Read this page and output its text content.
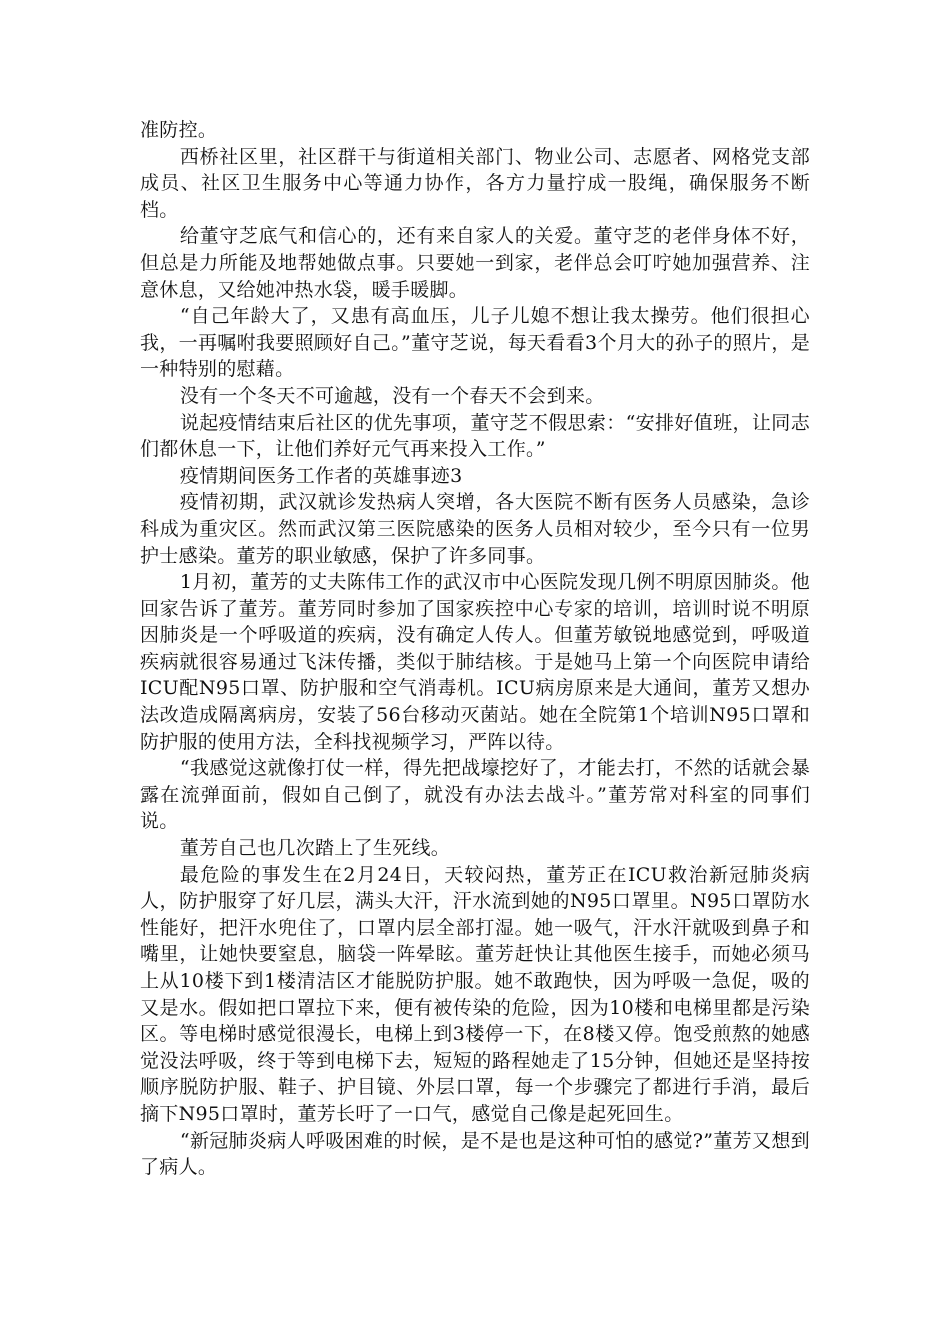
准防控。

西桥社区里，社区群干与街道相关部门、物业公司、志愿者、网格党支部成员、社区卫生服务中心等通力协作，各方力量拧成一股绳，确保服务不断档。

给董守芝底气和信心的，还有来自家人的关爱。董守芝的老伴身体不好，但总是力所能及地帮她做点事。只要她一到家，老伴总会叮咛她加强营养、注意休息，又给她冲热水袋，暖手暖脚。

“自己年龄大了，又患有高血压，儿子儿媳不想让我太操劳。他们很担心我，一再嘱咐我要照顾好自己。”董守芝说，每天看看3个月大的孙子的照片，是一种特别的慰藉。

没有一个冬天不可逾越，没有一个春天不会到来。

说起疫情结束后社区的优先事项，董守芝不假思索：“安排好值班，让同志们都休息一下，让他们养好元气再来投入工作。”

疫情期间医务工作者的英雄事迹3

疫情初期，武汉就诊发热病人突增，各大医院不断有医务人员感染，急诊科成为重灾区。然而武汉第三医院感染的医务人员相对较少，至今只有一位男护士感染。董芳的职业敏感，保护了许多同事。

1月初，董芳的丈夫陈伟工作的武汉市中心医院发现几例不明原因肺炎。他回家告诉了董芳。董芳同时参加了国家疾控中心专家的培训，培训时说不明原因肺炎是一个呼吸道的疾病，没有确定人传人。但董芳敏锐地感觉到，呼吸道疾病就很容易通过飞沫传播，类似于肺结核。于是她马上第一个向医院申请给ICU配N95口罩、防护服和空气消毒机。ICU病房原来是大通间，董芳又想办法改造成隔离病房，安装了56台移动灭菌站。她在全院第1个培训N95口罩和防护服的使用方法，全科找视频学习，严阵以待。

“我感觉这就像打仗一样，得先把战壕挖好了，才能去打，不然的话就会暴露在流弹面前，假如自己倒了，就没有办法去战斗。”董芳常对科室的同事们说。

董芳自己也几次踏上了生死线。

最危险的事发生在2月24日，天较闷热，董芳正在ICU救治新冠肺炎病人，防护服穿了好几层，满头大汗，汗水流到她的N95口罩里。N95口罩防水性能好，把汗水兜住了，口罩内层全部打湿。她一吸气，汗水汗就吸到鼻子和嘴里，让她快要窒息，脑袋一阵晕眩。董芳赶快让其他医生接手，而她必须马上从10楼下到1楼清洁区才能脱防护服。她不敢跑快，因为呼吸一急促，吸的又是水。假如把口罩拉下来，便有被传染的危险，因为10楼和电梯里都是污染区。等电梯时感觉很漫长，电梯上到3楼停一下，在8楼又停。饱受煎熬的她感觉没法呼吸，终于等到电梯下去，短短的路程她走了15分钟，但她还是坚持按顺序脱防护服、鞋子、护目镜、外层口罩，每一个步骤完了都进行手消，最后摘下N95口罩时，董芳长吁了一口气，感觉自己像是起死回生。

“新冠肺炎病人呼吸困难的时候，是不是也是这种可怕的感觉?”董芳又想到了病人。
